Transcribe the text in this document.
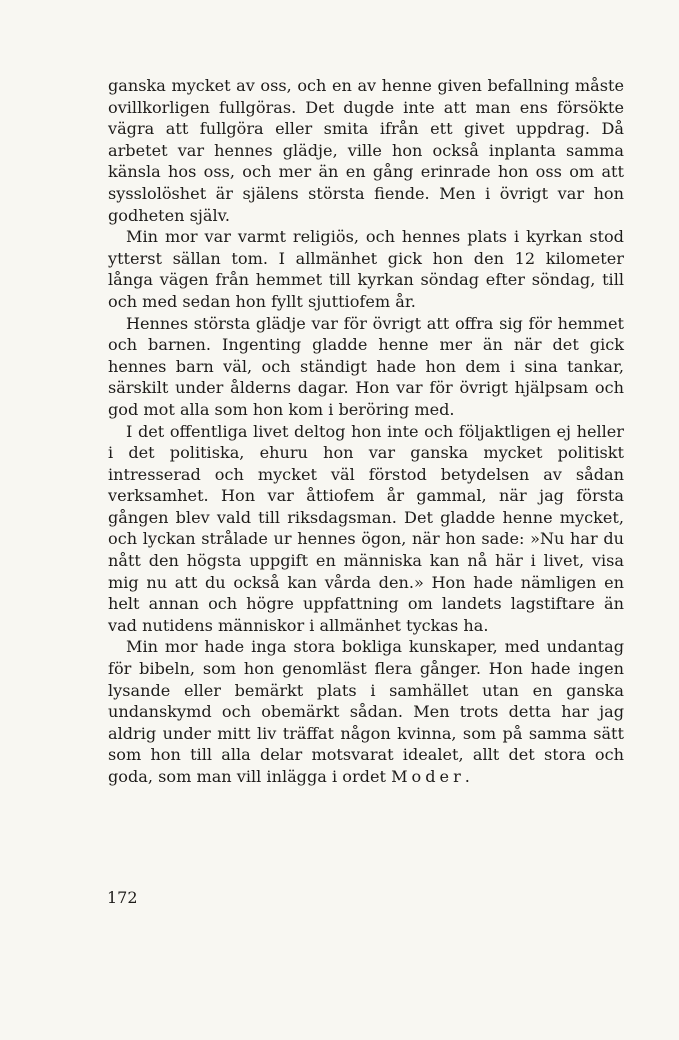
ganska mycket av oss, och en av henne given befallning måste ovillkorligen fullgöras. Det dugde inte att man ens försökte vägra att fullgöra eller smita ifrån ett givet uppdrag. Då arbetet var hennes glädje, ville hon också inplanta samma känsla hos oss, och mer än en gång erinrade hon oss om att sysslolöshet är själens största fiende. Men i övrigt var hon godheten själv.

Min mor var varmt religiös, och hennes plats i kyrkan stod ytterst sällan tom. I allmänhet gick hon den 12 kilometer långa vägen från hemmet till kyrkan söndag efter söndag, till och med sedan hon fyllt sjuttiofem år.

Hennes största glädje var för övrigt att offra sig för hemmet och barnen. Ingenting gladde henne mer än när det gick hennes barn väl, och ständigt hade hon dem i sina tankar, särskilt under ålderns dagar. Hon var för övrigt hjälpsam och god mot alla som hon kom i beröring med.

I det offentliga livet deltog hon inte och följaktligen ej heller i det politiska, ehuru hon var ganska mycket politiskt intresserad och mycket väl förstod betydelsen av sådan verksamhet. Hon var åttiofem år gammal, när jag första gången blev vald till riksdagsman. Det gladde henne mycket, och lyckan strålade ur hennes ögon, när hon sade: »Nu har du nått den högsta uppgift en människa kan nå här i livet, visa mig nu att du också kan vårda den.» Hon hade nämligen en helt annan och högre uppfattning om landets lagstiftare än vad nutidens människor i allmänhet tyckas ha.

Min mor hade inga stora bokliga kunskaper, med undantag för bibeln, som hon genomläst flera gånger. Hon hade ingen lysande eller bemärkt plats i samhället utan en ganska undanskymd och obemärkt sådan. Men trots detta har jag aldrig under mitt liv träffat någon kvinna, som på samma sätt som hon till alla delar motsvarat idealet, allt det stora och goda, som man vill inlägga i ordet Moder.

172
